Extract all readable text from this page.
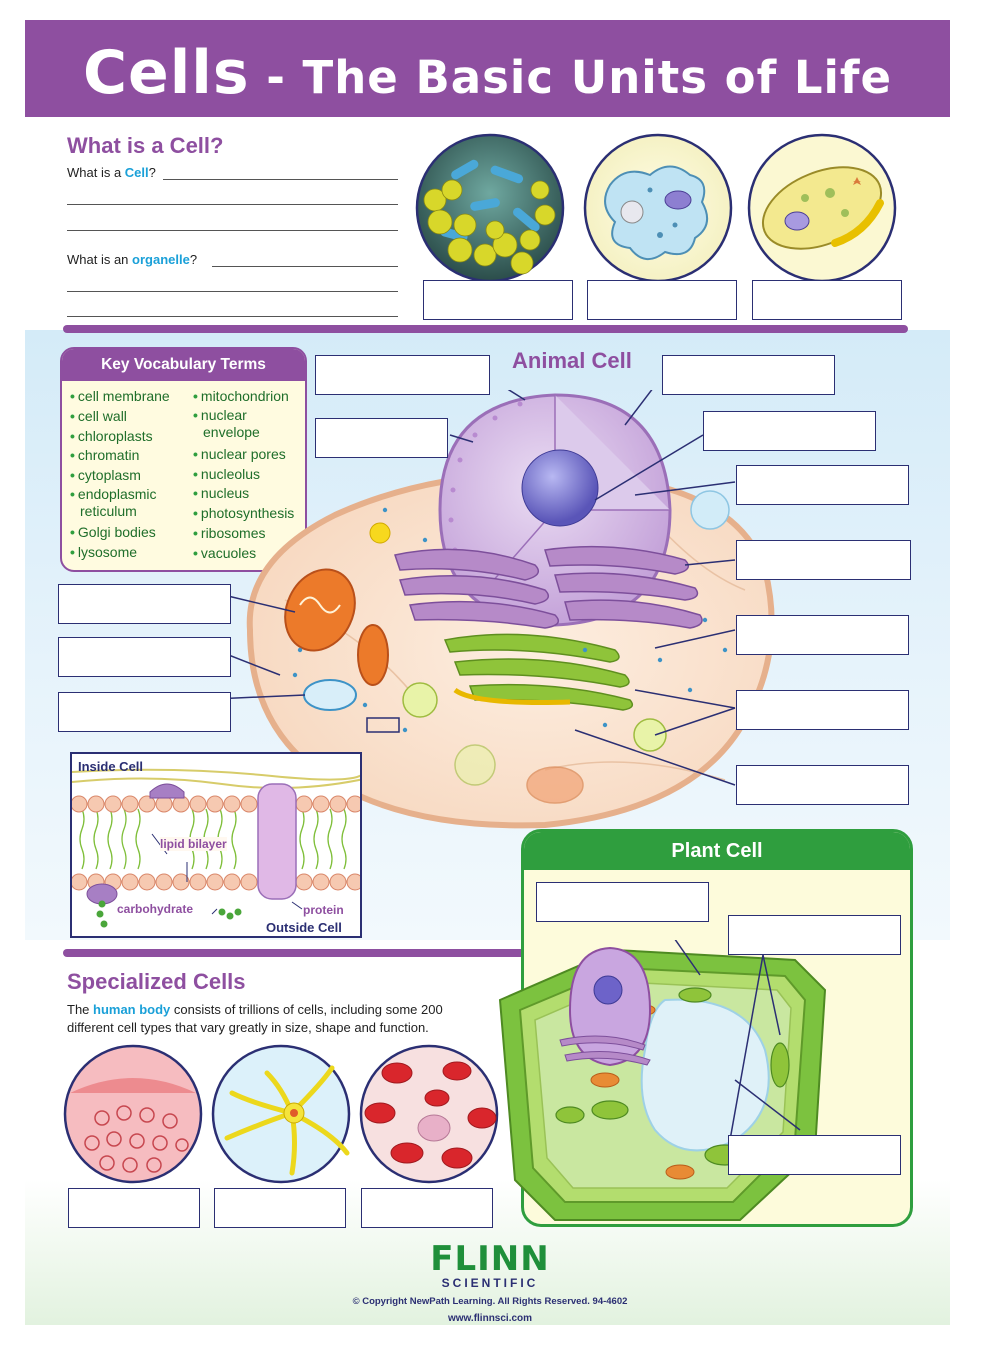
Cells - The Basic Units of Life
What is a Cell?
What is a Cell?
What is an organelle?
Key Vocabulary Terms
• cell membrane
• cell wall
• chloroplasts
• chromatin
• cytoplasm
• endoplasmic
reticulum
• Golgi bodies
• lysosome
• mitochondrion
• nuclear
envelope
• nuclear pores
• nucleolus
• nucleus
• photosynthesis
• ribosomes
• vacuoles
Animal Cell
Inside Cell
lipid bilayer
carbohydrate	protein
Outside Cell
Plant Cell
Specialized Cells
The human body consists of trillions of cells, including some 200 different cell types that vary greatly in size, shape and function.
FLINN
SCIENTIFIC
© Copyright NewPath Learning. All Rights Reserved. 94-4602
www.flinnsci.com
